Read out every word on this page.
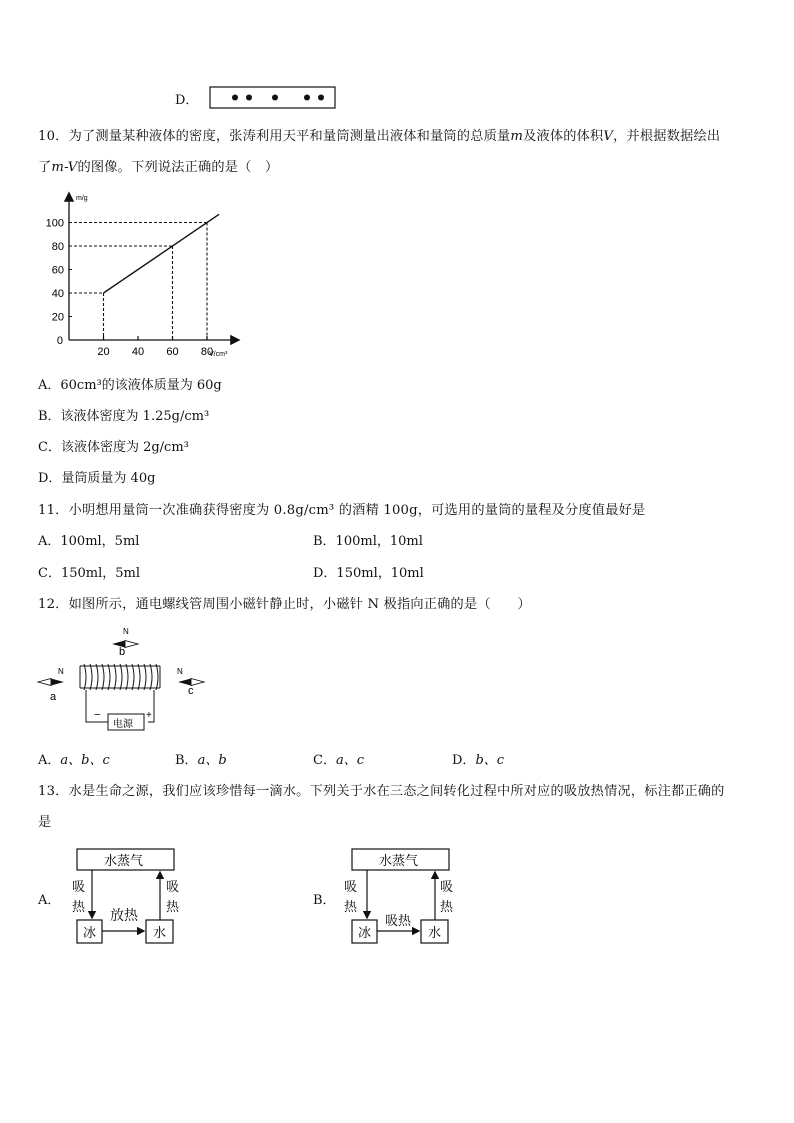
D．
10．为了测量某种液体的密度，张涛利用天平和量筒测量出液体和量筒的总质量m及液体的体积V，并根据数据绘出
了m-V的图像。下列说法正确的是（　）
m/g
V/cm³
20
40
60
80
100
0
20 40 60 80
A．60cm³的该液体质量为 60g
B．该液体密度为 1.25g/cm³
C．该液体密度为 2g/cm³
D．量筒质量为 40g
11．小明想用量筒一次准确获得密度为 0.8g/cm³ 的酒精 100g，可选用的量筒的量程及分度值最好是
A．100ml，5ml	B．100ml，10ml
C．150ml，5ml	D．150ml，10ml
12．如图所示，通电螺线管周围小磁针静止时，小磁针 N 极指向正确的是（　　）
N
b
N
a
N
c
电源
−	+
A．a、b、c	B．a、b	C．a、c	D．b、c
13．水是生命之源，我们应该珍惜每一滴水。下列关于水在三态之间转化过程中所对应的吸放热情况，标注都正确的
是
A．
水蒸气
冰	水
吸热
放热
吸热	B．
水蒸气
冰	水
吸热
吸热
吸热
